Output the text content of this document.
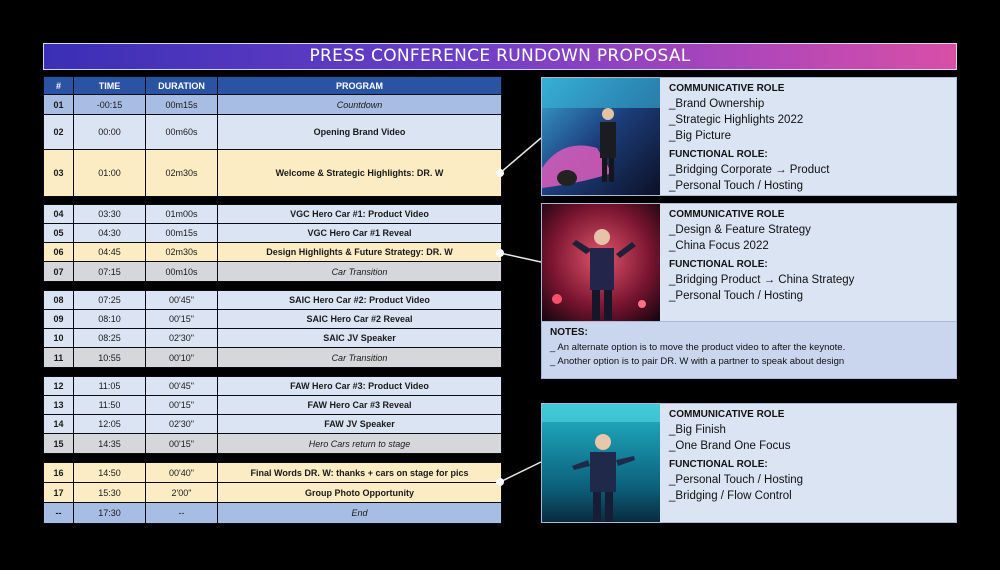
PRESS CONFERENCE RUNDOWN PROPOSAL
#	TIME	DURATION	PROGRAM
01	-00:15	00m15s	Countdown
02	00:00	00m60s	Opening Brand Video
03	01:00	02m30s	Welcome & Strategic Highlights: DR. W
04	03:30	01m00s	VGC Hero Car #1: Product Video
05	04:30	00m15s	VGC Hero Car #1 Reveal
06	04:45	02m30s	Design Highlights & Future Strategy: DR. W
07	07:15	00m10s	Car Transition
08	07:25	00'45"	SAIC Hero Car #2: Product Video
09	08:10	00'15"	SAIC Hero Car #2 Reveal
10	08:25	02'30"	SAIC JV Speaker
11	10:55	00'10"	Car Transition
12	11:05	00'45"	FAW Hero Car #3: Product Video
13	11:50	00'15"	FAW Hero Car #3 Reveal
14	12:05	02'30"	FAW JV Speaker
15	14:35	00'15"	Hero Cars return to stage
16	14:50	00'40"	Final Words DR. W: thanks + cars on stage for pics
17	15:30	2'00"	Group Photo Opportunity
--	17:30	--	End
COMMUNICATIVE ROLE
_Brand Ownership
_Strategic Highlights 2022
_Big Picture
FUNCTIONAL ROLE:
_Bridging Corporate → Product
_Personal Touch / Hosting
COMMUNICATIVE ROLE
_Design & Feature Strategy
_China Focus 2022
FUNCTIONAL ROLE:
_Bridging Product → China Strategy
_Personal Touch / Hosting
NOTES:
_ An alternate option is to move the product video to after the keynote.
_ Another option is to pair DR. W with a partner to speak about design
COMMUNICATIVE ROLE
_Big Finish
_One Brand One Focus
FUNCTIONAL ROLE:
_Personal Touch / Hosting
_Bridging / Flow Control
